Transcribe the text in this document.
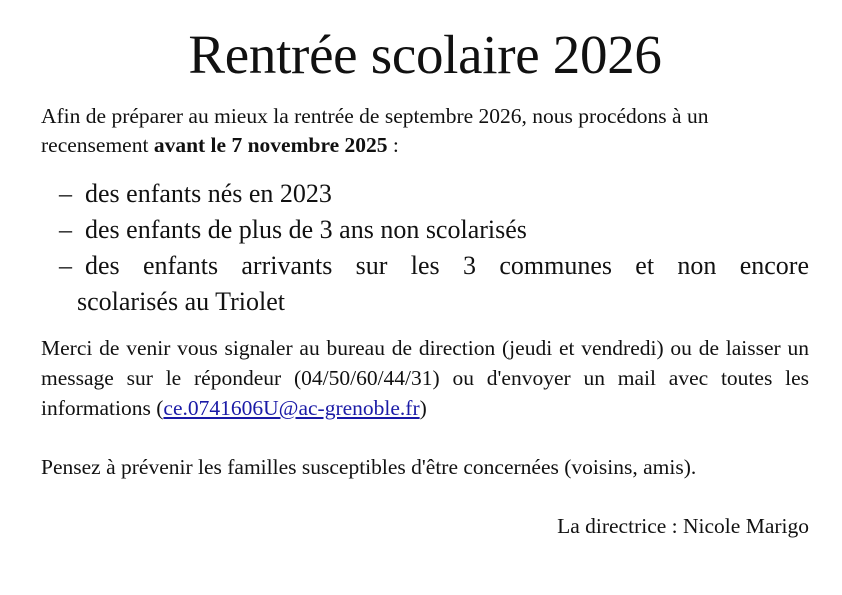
Rentrée scolaire 2026

Afin de préparer au mieux la rentrée de septembre 2026, nous procédons à un recensement avant le 7 novembre 2025 :

– des enfants nés en 2023
– des enfants de plus de 3 ans non scolarisés
– des enfants arrivants sur les 3 communes et non encore
scolarisés au Triolet

Merci de venir vous signaler au bureau de direction (jeudi et vendredi) ou de laisser un message sur le répondeur (04/50/60/44/31) ou d'envoyer un mail avec toutes les informations (ce.0741606U@ac-grenoble.fr)

Pensez à prévenir les familles susceptibles d'être concernées (voisins, amis).

La directrice : Nicole Marigo
